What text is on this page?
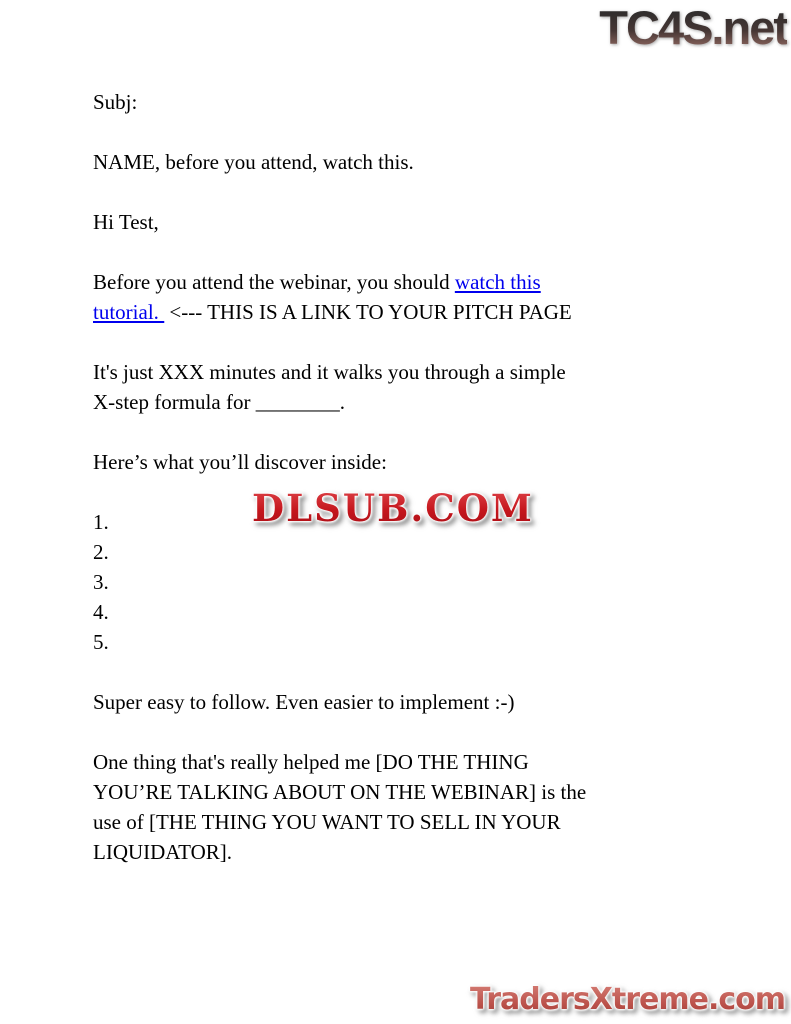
TC4S.net

Subj:

NAME, before you attend, watch this.

Hi Test,

Before you attend the webinar, you should watch this
tutorial.  <--- THIS IS A LINK TO YOUR PITCH PAGE

It's just XXX minutes and it walks you through a simple
X-step formula for ________.

Here’s what you’ll discover inside:

1.
2.
3.
4.
5.

Super easy to follow. Even easier to implement :-)

One thing that's really helped me [DO THE THING
YOU’RE TALKING ABOUT ON THE WEBINAR] is the
use of [THE THING YOU WANT TO SELL IN YOUR
LIQUIDATOR].

DLSUB.COM
TradersXtreme.com
